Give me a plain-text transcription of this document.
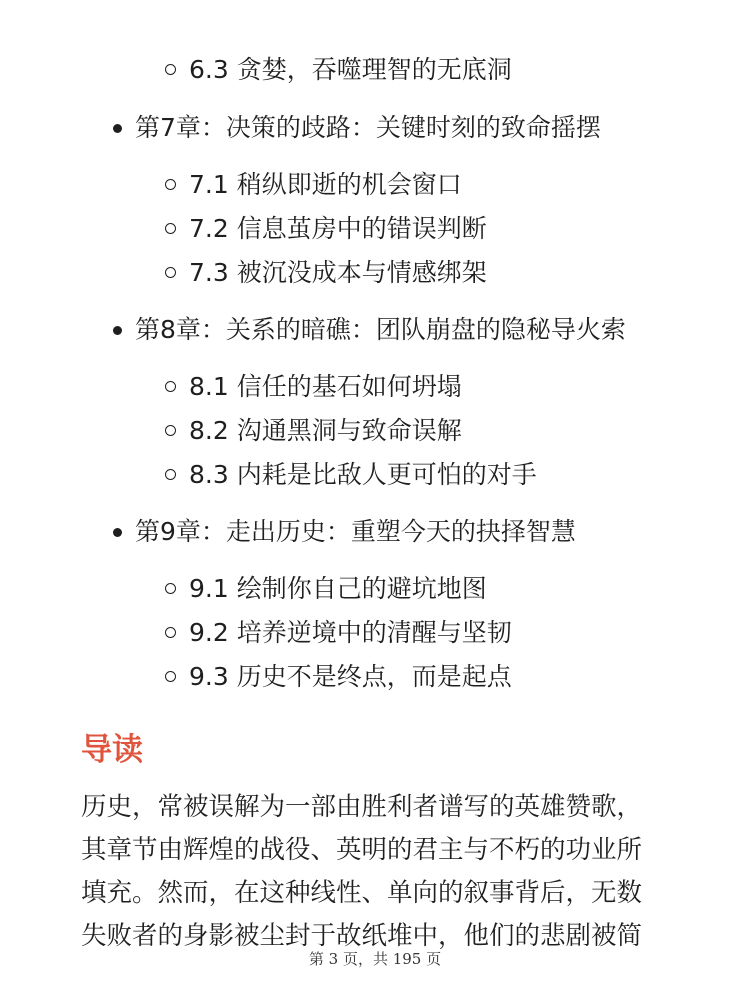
6.3 贪婪，吞噬理智的无底洞
第7章：决策的歧路：关键时刻的致命摇摆
7.1 稍纵即逝的机会窗口
7.2 信息茧房中的错误判断
7.3 被沉没成本与情感绑架
第8章：关系的暗礁：团队崩盘的隐秘导火索
8.1 信任的基石如何坍塌
8.2 沟通黑洞与致命误解
8.3 内耗是比敌人更可怕的对手
第9章：走出历史：重塑今天的抉择智慧
9.1 绘制你自己的避坑地图
9.2 培养逆境中的清醒与坚韧
9.3 历史不是终点，而是起点
导读
历史，常被误解为一部由胜利者谱写的英雄赞歌，
其章节由辉煌的战役、英明的君主与不朽的功业所
填充。然而，在这种线性、单向的叙事背后，无数
失败者的身影被尘封于故纸堆中，他们的悲剧被简
第 3 页，共 195 页
